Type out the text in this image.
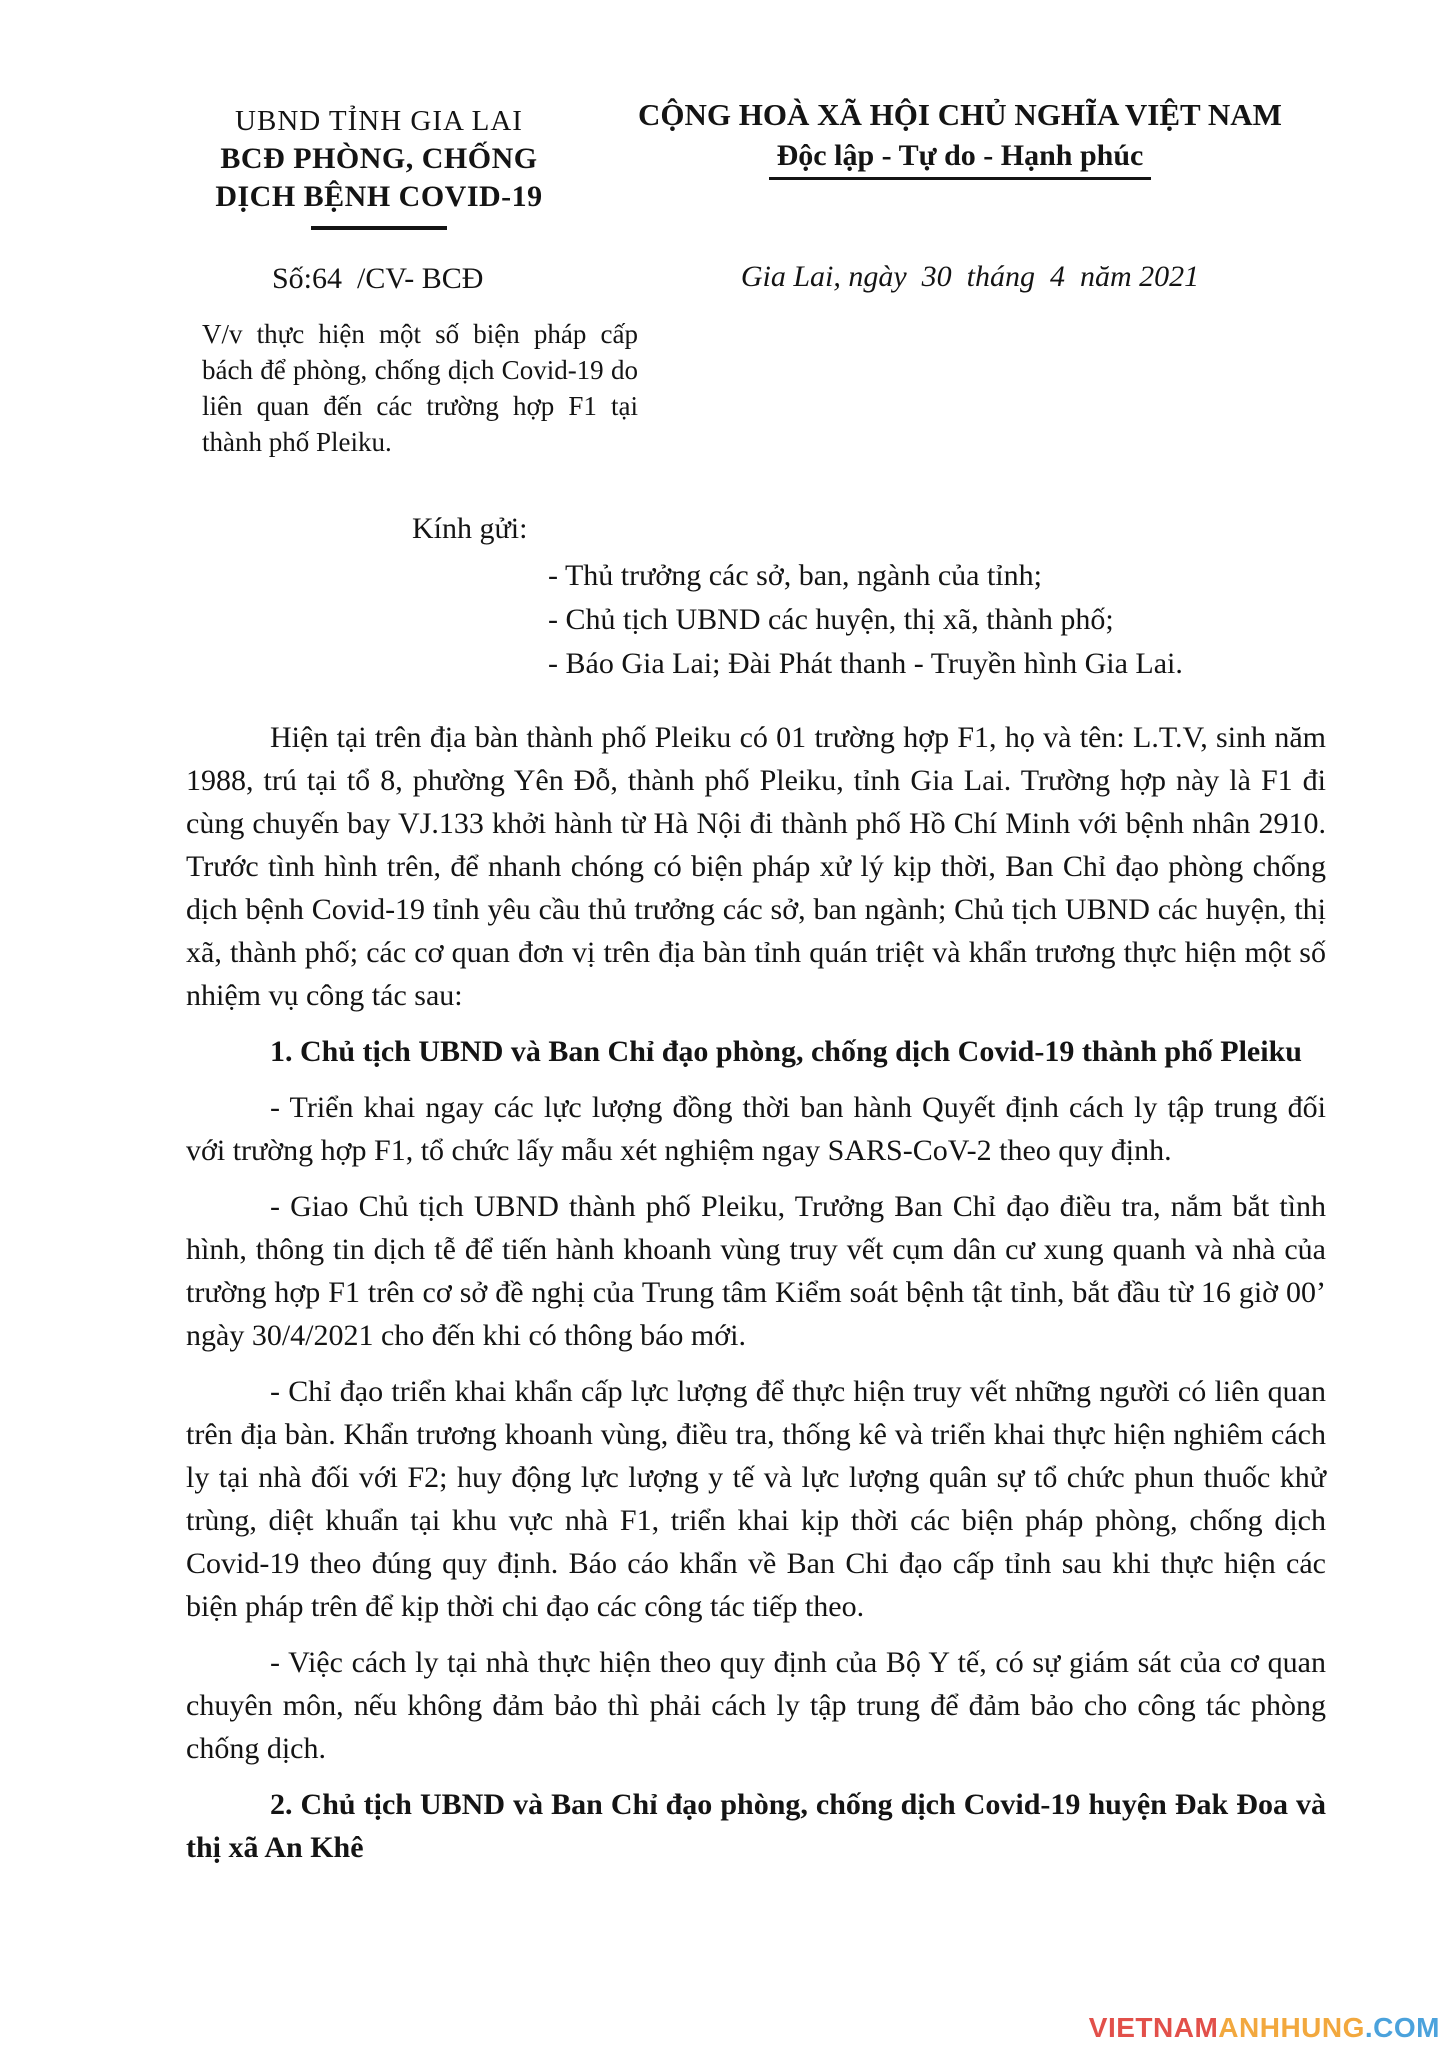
UBND TỈNH GIA LAI
BCĐ PHÒNG, CHỐNG
DỊCH BỆNH COVID-19
CỘNG HOÀ XÃ HỘI CHỦ NGHĨA VIỆT NAM
Độc lập - Tự do - Hạnh phúc
Số:64  /CV- BCĐ	Gia Lai, ngày  30  tháng  4  năm 2021
V/v thực hiện một số biện pháp cấp bách để phòng, chống dịch Covid-19 do liên quan đến các trường hợp F1 tại thành phố Pleiku.
Kính gửi:
- Thủ trưởng các sở, ban, ngành của tỉnh;
- Chủ tịch UBND các huyện, thị xã, thành phố;
- Báo Gia Lai; Đài Phát thanh - Truyền hình Gia Lai.

Hiện tại trên địa bàn thành phố Pleiku có 01 trường hợp F1, họ và tên: L.T.V, sinh năm 1988, trú tại tổ 8, phường Yên Đỗ, thành phố Pleiku, tỉnh Gia Lai. Trường hợp này là F1 đi cùng chuyến bay VJ.133 khởi hành từ Hà Nội đi thành phố Hồ Chí Minh với bệnh nhân 2910. Trước tình hình trên, để nhanh chóng có biện pháp xử lý kịp thời, Ban Chỉ đạo phòng chống dịch bệnh Covid-19 tỉnh yêu cầu thủ trưởng các sở, ban ngành; Chủ tịch UBND các huyện, thị xã, thành phố; các cơ quan đơn vị trên địa bàn tỉnh quán triệt và khẩn trương thực hiện một số nhiệm vụ công tác sau:

1. Chủ tịch UBND và Ban Chỉ đạo phòng, chống dịch Covid-19 thành phố Pleiku

- Triển khai ngay các lực lượng đồng thời ban hành Quyết định cách ly tập trung đối với trường hợp F1, tổ chức lấy mẫu xét nghiệm ngay SARS-CoV-2 theo quy định.

- Giao Chủ tịch UBND thành phố Pleiku, Trưởng Ban Chỉ đạo điều tra, nắm bắt tình hình, thông tin dịch tễ để tiến hành khoanh vùng truy vết cụm dân cư xung quanh và nhà của trường hợp F1 trên cơ sở đề nghị của Trung tâm Kiểm soát bệnh tật tỉnh, bắt đầu từ 16 giờ 00’ ngày 30/4/2021 cho đến khi có thông báo mới.

- Chỉ đạo triển khai khẩn cấp lực lượng để thực hiện truy vết những người có liên quan trên địa bàn. Khẩn trương khoanh vùng, điều tra, thống kê và triển khai thực hiện nghiêm cách ly tại nhà đối với F2; huy động lực lượng y tế và lực lượng quân sự tổ chức phun thuốc khử trùng, diệt khuẩn tại khu vực nhà F1, triển khai kịp thời các biện pháp phòng, chống dịch Covid-19 theo đúng quy định. Báo cáo khẩn về Ban Chi đạo cấp tỉnh sau khi thực hiện các biện pháp trên để kịp thời chi đạo các công tác tiếp theo.

- Việc cách ly tại nhà thực hiện theo quy định của Bộ Y tế, có sự giám sát của cơ quan chuyên môn, nếu không đảm bảo thì phải cách ly tập trung để đảm bảo cho công tác phòng chống dịch.

2. Chủ tịch UBND và Ban Chỉ đạo phòng, chống dịch Covid-19 huyện Đak Đoa và thị xã An Khê

VIETNAMANHHUNG.COM
